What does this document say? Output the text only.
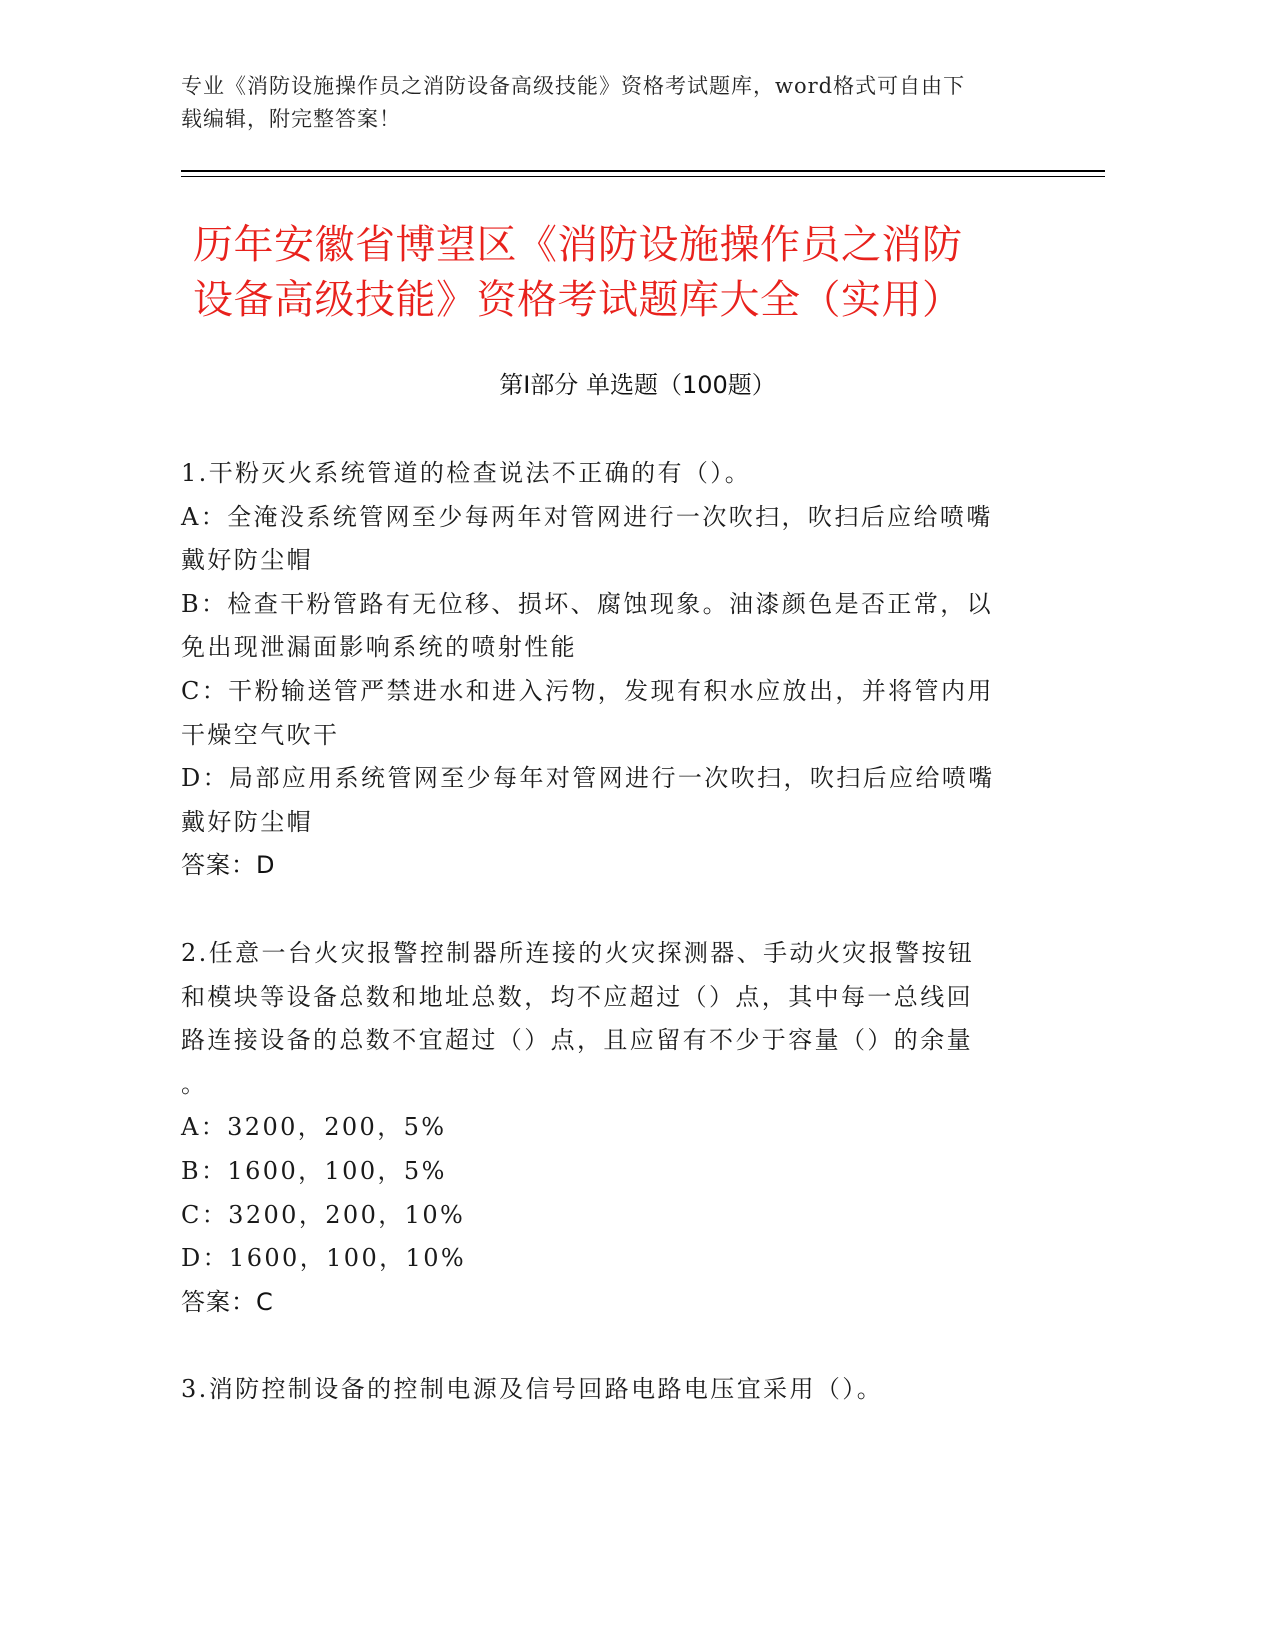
专业《消防设施操作员之消防设备高级技能》资格考试题库，word格式可自由下
载编辑，附完整答案！
历年安徽省博望区《消防设施操作员之消防
设备高级技能》资格考试题库大全（实用）
第Ⅰ部分 单选题（100题）

1.干粉灭火系统管道的检查说法不正确的有（）。

A：全淹没系统管网至少每两年对管网进行一次吹扫，吹扫后应给喷嘴

戴好防尘帽

B：检查干粉管路有无位移、损坏、腐蚀现象。油漆颜色是否正常，以

免出现泄漏面影响系统的喷射性能

C：干粉输送管严禁进水和进入污物，发现有积水应放出，并将管内用

干燥空气吹干

D：局部应用系统管网至少每年对管网进行一次吹扫，吹扫后应给喷嘴

戴好防尘帽

答案：D

2.任意一台火灾报警控制器所连接的火灾探测器、手动火灾报警按钮

和模块等设备总数和地址总数，均不应超过（）点，其中每一总线回

路连接设备的总数不宜超过（）点，且应留有不少于容量（）的余量

。

A：3200，200，5%

B：1600，100，5%

C：3200，200，10%

D：1600，100，10%

答案：C

3.消防控制设备的控制电源及信号回路电路电压宜采用（）。
